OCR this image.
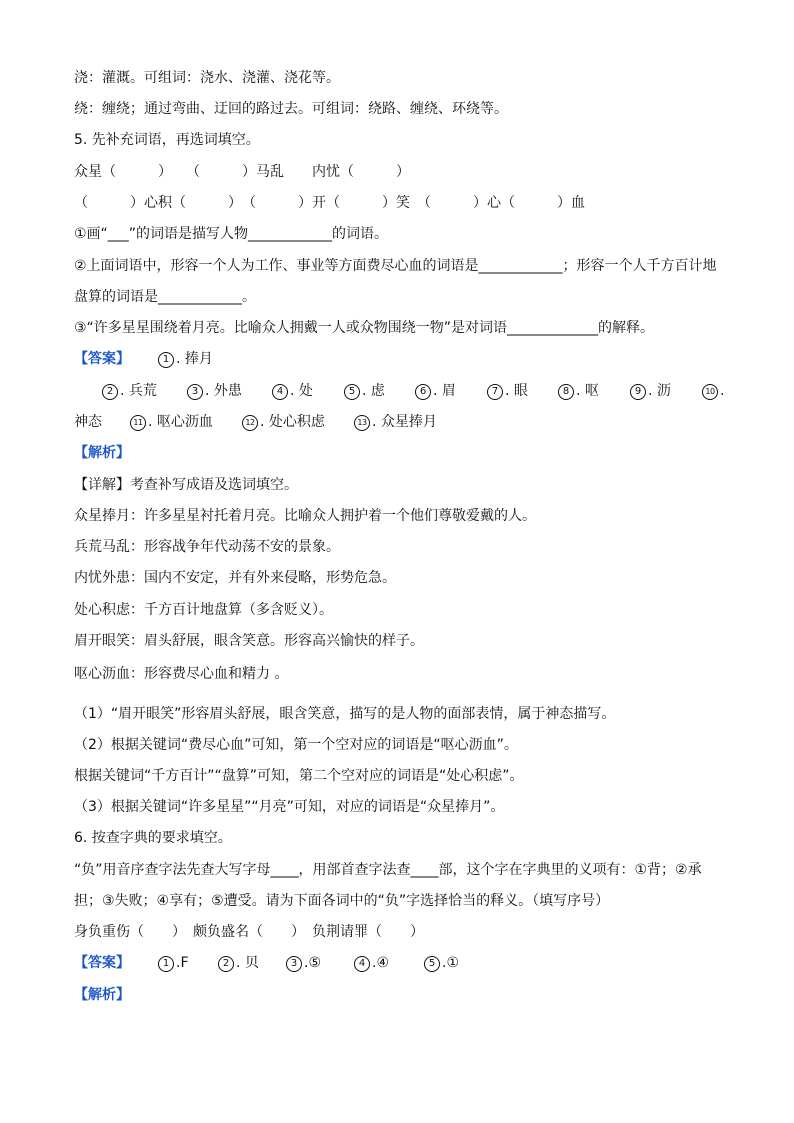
浇：灌溉。可组词：浇水、浇灌、浇花等。
绕：缠绕；通过弯曲、迂回的路过去。可组词：绕路、缠绕、环绕等。
5. 先补充词语，再选词填空。
众星（　　　）　　（　　　）马乱　　内忧（　　　）
（　　　）心积（　　　）　（　　　）开（　　　）笑　（　　　）心（　　　）血
①画“___”的词语是描写人物____________的词语。
②上面词语中，形容一个人为工作、事业等方面费尽心血的词语是____________；形容一个人千方百计地
盘算的词语是____________。
③“许多星星围绕着月亮。比喻众人拥戴一人或众物围绕一物”是对词语_____________的解释。
【答案】	1 . 捧月
2 . 兵荒	3 . 外患	4 . 处	5 . 虑	6 . 眉	7 . 眼	8 . 呕	9 . 沥	10 .
神态	11 . 呕心沥血	12 . 处心积虑	13 . 众星捧月
【解析】
【详解】考查补写成语及选词填空。
众星捧月：许多星星衬托着月亮。比喻众人拥护着一个他们尊敬爱戴的人。
兵荒马乱：形容战争年代动荡不安的景象。
内忧外患：国内不安定，并有外来侵略，形势危急。
处心积虑：千方百计地盘算（多含贬义）。
眉开眼笑：眉头舒展，眼含笑意。形容高兴愉快的样子。
呕心沥血：形容费尽心血和精力 。
（1）“眉开眼笑”形容眉头舒展，眼含笑意，描写的是人物的面部表情，属于神态描写。
（2）根据关键词“费尽心血”可知，第一个空对应的词语是“呕心沥血”。
根据关键词“千方百计”“盘算”可知，第二个空对应的词语是“处心积虑”。
（3）根据关键词“许多星星”“月亮”可知，对应的词语是“众星捧月”。
6. 按查字典的要求填空。
“负”用音序查字法先查大写字母____，用部首查字法查____部，这个字在字典里的义项有：①背；②承
担；③失败；④享有；⑤遭受。请为下面各词中的“负”字选择恰当的释义。（填写序号）
身负重伤（　　）　颇负盛名（　　）　负荆请罪（　　）
【答案】	1 .F	2 . 贝	3 .⑤	4 .④	5 .①
【解析】
